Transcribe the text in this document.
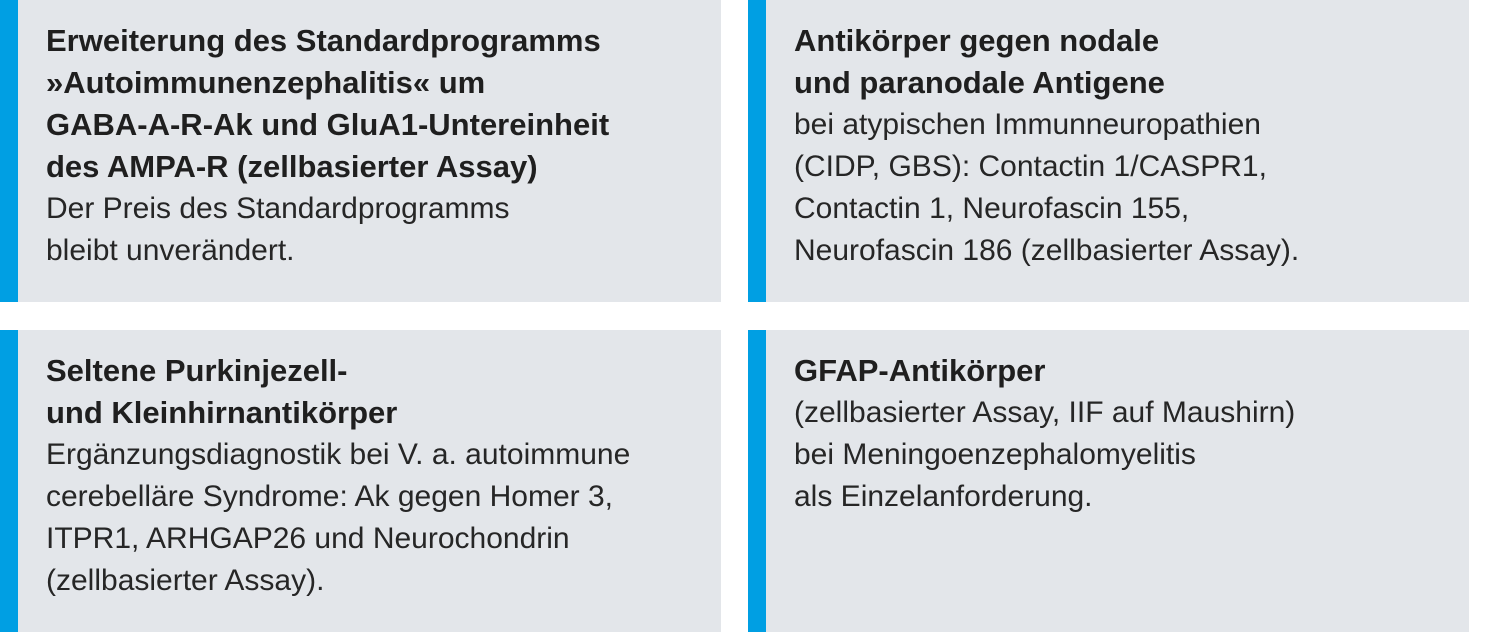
Erweiterung des Standardprogramms
»Autoimmunenzephalitis« um
GABA-A-R-Ak und GluA1-Untereinheit
des AMPA-R (zellbasierter Assay)
Der Preis des Standardprogramms
bleibt unverändert.
Antikörper gegen nodale
und paranodale Antigene
bei atypischen Immunneuropathien
(CIDP, GBS): Contactin 1/CASPR1,
Contactin 1, Neurofascin 155,
Neurofascin 186 (zellbasierter Assay).
Seltene Purkinjezell-
und Kleinhirnantikörper
Ergänzungsdiagnostik bei V. a. autoimmune
cerebelläre Syndrome: Ak gegen Homer 3,
ITPR1, ARHGAP26 und Neurochondrin
(zellbasierter Assay).
GFAP-Antikörper
(zellbasierter Assay, IIF auf Maushirn)
bei Meningoenzephalomyelitis
als Einzelanforderung.
